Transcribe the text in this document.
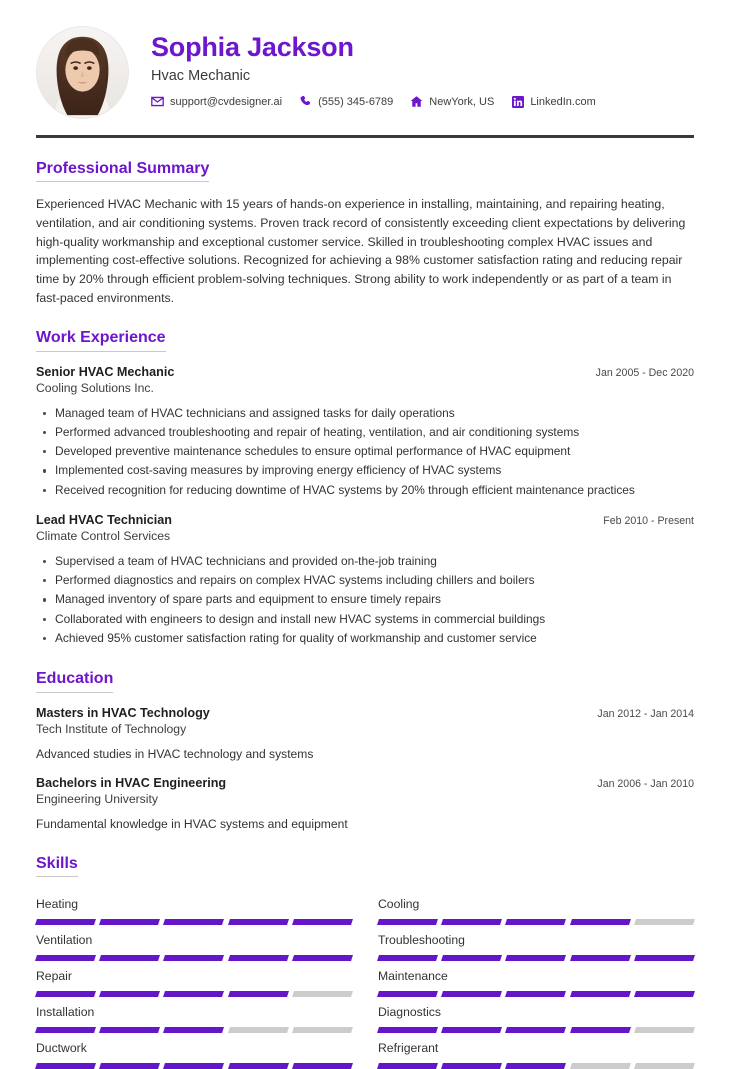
Sophia Jackson
Hvac Mechanic
support@cvdesigner.ai	(555) 345-6789	NewYork, US	LinkedIn.com
Professional Summary

Experienced HVAC Mechanic with 15 years of hands-on experience in installing, maintaining, and repairing heating, ventilation, and air conditioning systems. Proven track record of consistently exceeding client expectations by delivering high-quality workmanship and exceptional customer service. Skilled in troubleshooting complex HVAC issues and implementing cost-effective solutions. Recognized for achieving a 98% customer satisfaction rating and reducing repair time by 20% through efficient problem-solving techniques. Strong ability to work independently or as part of a team in fast-paced environments.

Work Experience
Senior HVAC Mechanic	Jan 2005 - Dec 2020
Cooling Solutions Inc.
Managed team of HVAC technicians and assigned tasks for daily operations
Performed advanced troubleshooting and repair of heating, ventilation, and air conditioning systems
Developed preventive maintenance schedules to ensure optimal performance of HVAC equipment
Implemented cost-saving measures by improving energy efficiency of HVAC systems
Received recognition for reducing downtime of HVAC systems by 20% through efficient maintenance practices
Lead HVAC Technician	Feb 2010 - Present
Climate Control Services
Supervised a team of HVAC technicians and provided on-the-job training
Performed diagnostics and repairs on complex HVAC systems including chillers and boilers
Managed inventory of spare parts and equipment to ensure timely repairs
Collaborated with engineers to design and install new HVAC systems in commercial buildings
Achieved 95% customer satisfaction rating for quality of workmanship and customer service
Education
Masters in HVAC Technology	Jan 2012 - Jan 2014
Tech Institute of Technology
Advanced studies in HVAC technology and systems
Bachelors in HVAC Engineering	Jan 2006 - Jan 2010
Engineering University
Fundamental knowledge in HVAC systems and equipment
Skills
Heating	Cooling
Ventilation	Troubleshooting
Repair	Maintenance
Installation	Diagnostics
Ductwork	Refrigerant
